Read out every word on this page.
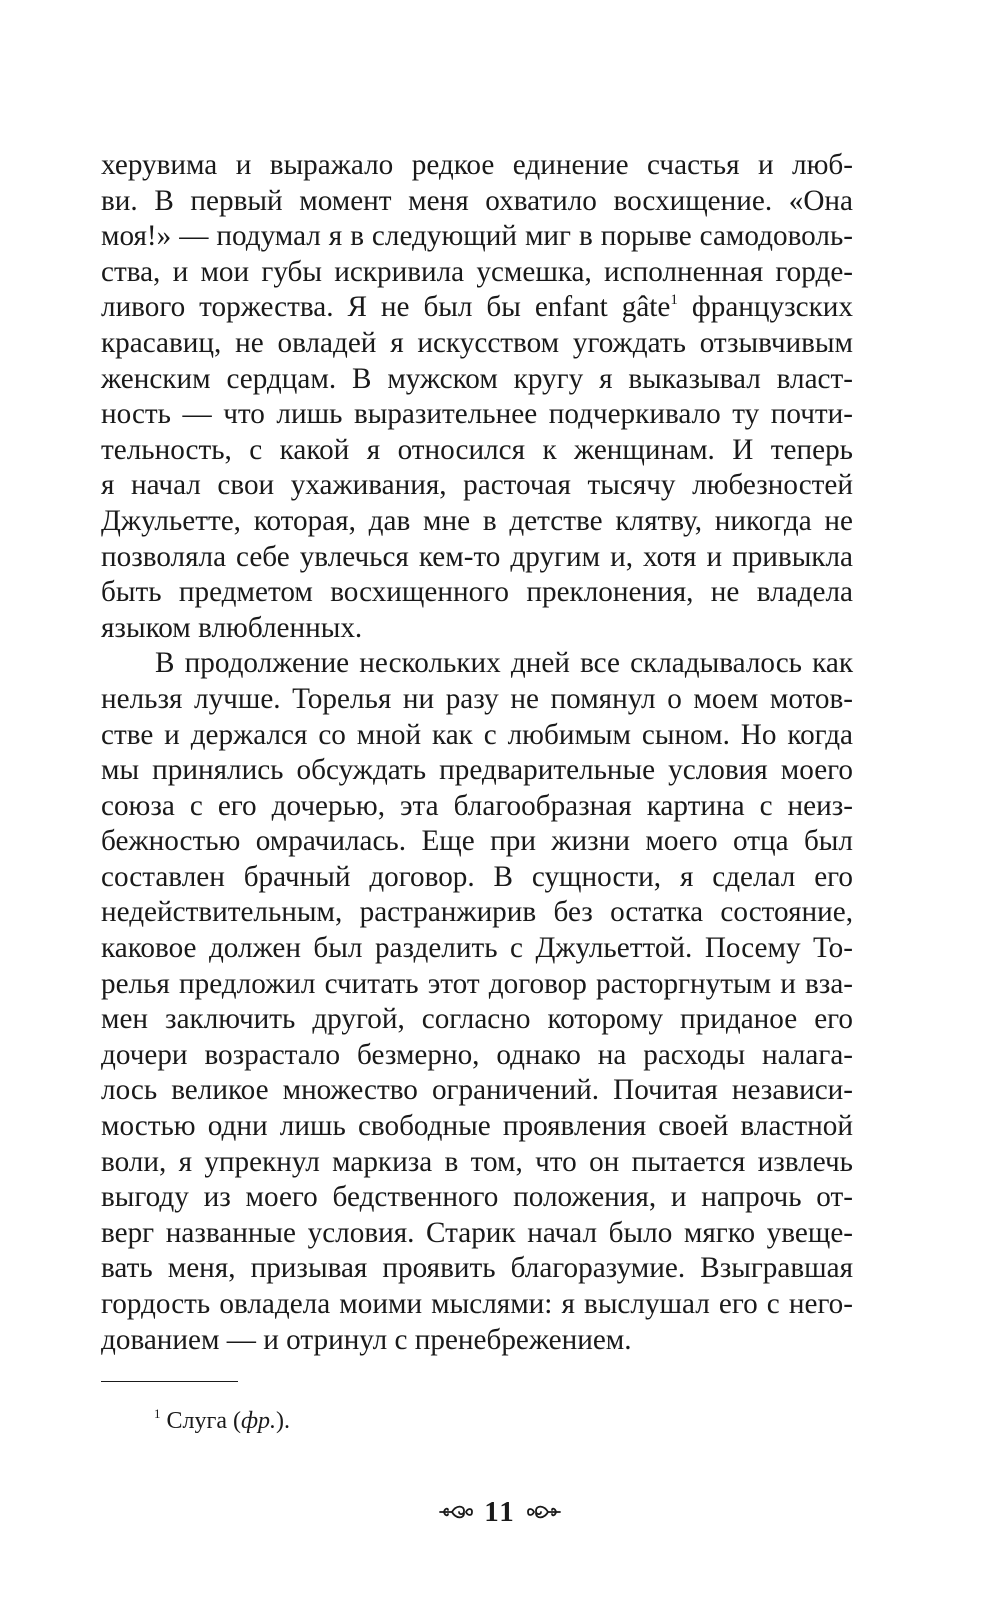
херувима и выражало редкое единение счастья и люб-
ви. В первый момент меня охватило восхищение. «Она
моя!» — подумал я в следующий миг в порыве самодоволь-
ства, и мои губы искривила усмешка, исполненная горде-
ливого торжества. Я не был бы enfant gâte$^1$ французских
красавиц, не овладей я искусством угождать отзывчивым
женским сердцам. В мужском кругу я выказывал власт-
ность — что лишь выразительнее подчеркивало ту почти-
тельность, с какой я относился к женщинам. И теперь
я начал свои ухаживания, расточая тысячу любезностей
Джульетте, которая, дав мне в детстве клятву, никогда не
позволяла себе увлечься кем-то другим и, хотя и привыкла
быть предметом восхищенного преклонения, не владела
языком влюбленных.
В продолжение нескольких дней все складывалось как
нельзя лучше. Торелья ни разу не помянул о моем мотов-
стве и держался со мной как с любимым сыном. Но когда
мы принялись обсуждать предварительные условия моего
союза с его дочерью, эта благообразная картина с неиз-
бежностью омрачилась. Еще при жизни моего отца был
составлен брачный договор. В сущности, я сделал его
недействительным, растранжирив без остатка состояние,
каковое должен был разделить с Джульеттой. Посему То-
релья предложил считать этот договор расторгнутым и вза-
мен заключить другой, согласно которому приданое его
дочери возрастало безмерно, однако на расходы налага-
лось великое множество ограничений. Почитая независи-
мостью одни лишь свободные проявления своей властной
воли, я упрекнул маркиза в том, что он пытается извлечь
выгоду из моего бедственного положения, и напрочь от-
верг названные условия. Старик начал было мягко увеще-
вать меня, призывая проявить благоразумие. Взыгравшая
гордость овладела моими мыслями: я выслушал его с него-
дованием — и отринул с пренебрежением.
$^1$ Слуга (фр.).
11
